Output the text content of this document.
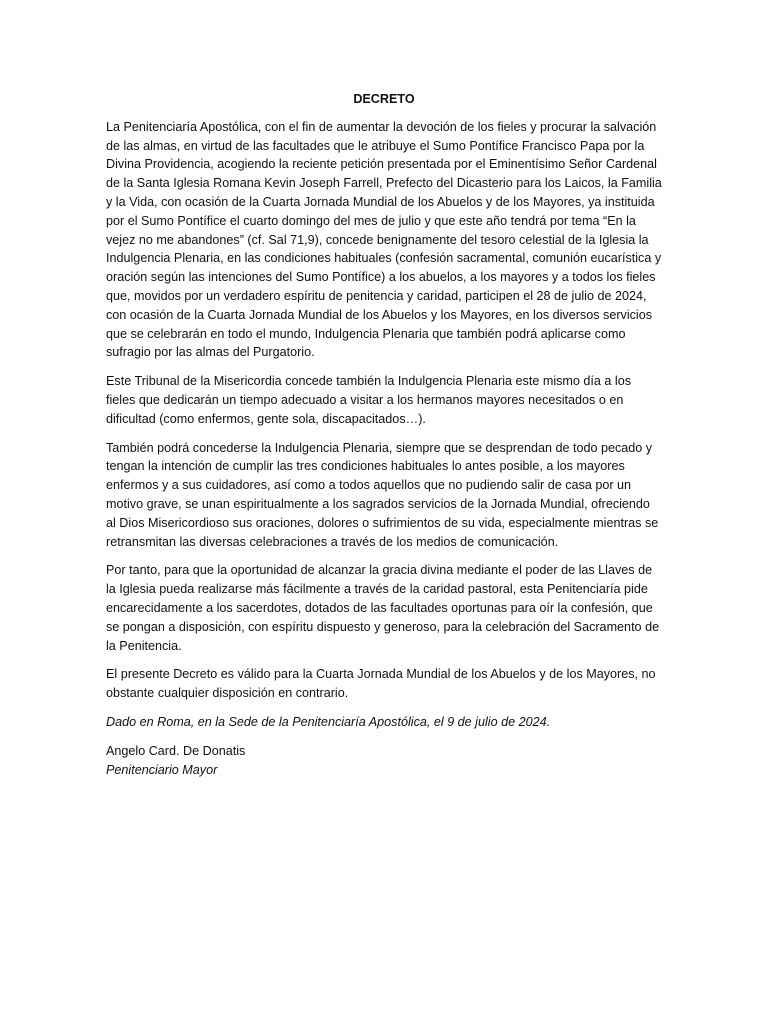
DECRETO

La Penitenciaría Apostólica, con el fin de aumentar la devoción de los fieles y procurar la salvación de las almas, en virtud de las facultades que le atribuye el Sumo Pontífice Francisco Papa por la Divina Providencia, acogiendo la reciente petición presentada por el Eminentísimo Señor Cardenal de la Santa Iglesia Romana Kevin Joseph Farrell, Prefecto del Dicasterio para los Laicos, la Familia y la Vida, con ocasión de la Cuarta Jornada Mundial de los Abuelos y de los Mayores, ya instituida por el Sumo Pontífice el cuarto domingo del mes de julio y que este año tendrá por tema “En la vejez no me abandones” (cf. Sal 71,9), concede benignamente del tesoro celestial de la Iglesia la Indulgencia Plenaria, en las condiciones habituales (confesión sacramental, comunión eucarística y oración según las intenciones del Sumo Pontífice) a los abuelos, a los mayores y a todos los fieles que, movidos por un verdadero espíritu de penitencia y caridad, participen el 28 de julio de 2024, con ocasión de la Cuarta Jornada Mundial de los Abuelos y los Mayores, en los diversos servicios que se celebrarán en todo el mundo, Indulgencia Plenaria que también podrá aplicarse como sufragio por las almas del Purgatorio.

Este Tribunal de la Misericordia concede también la Indulgencia Plenaria este mismo día a los fieles que dedicarán un tiempo adecuado a visitar a los hermanos mayores necesitados o en dificultad (como enfermos, gente sola, discapacitados…).

También podrá concederse la Indulgencia Plenaria, siempre que se desprendan de todo pecado y tengan la intención de cumplir las tres condiciones habituales lo antes posible, a los mayores enfermos y a sus cuidadores, así como a todos aquellos que no pudiendo salir de casa por un motivo grave, se unan espiritualmente a los sagrados servicios de la Jornada Mundial, ofreciendo al Dios Misericordioso sus oraciones, dolores o sufrimientos de su vida, especialmente mientras se retransmitan las diversas celebraciones a través de los medios de comunicación.

Por tanto, para que la oportunidad de alcanzar la gracia divina mediante el poder de las Llaves de la Iglesia pueda realizarse más fácilmente a través de la caridad pastoral, esta Penitenciaría pide encarecidamente a los sacerdotes, dotados de las facultades oportunas para oír la confesión, que se pongan a disposición, con espíritu dispuesto y generoso, para la celebración del Sacramento de la Penitencia.

El presente Decreto es válido para la Cuarta Jornada Mundial de los Abuelos y de los Mayores, no obstante cualquier disposición en contrario.

Dado en Roma, en la Sede de la Penitenciaría Apostólica, el 9 de julio de 2024.

Angelo Card. De Donatis
Penitenciario Mayor
